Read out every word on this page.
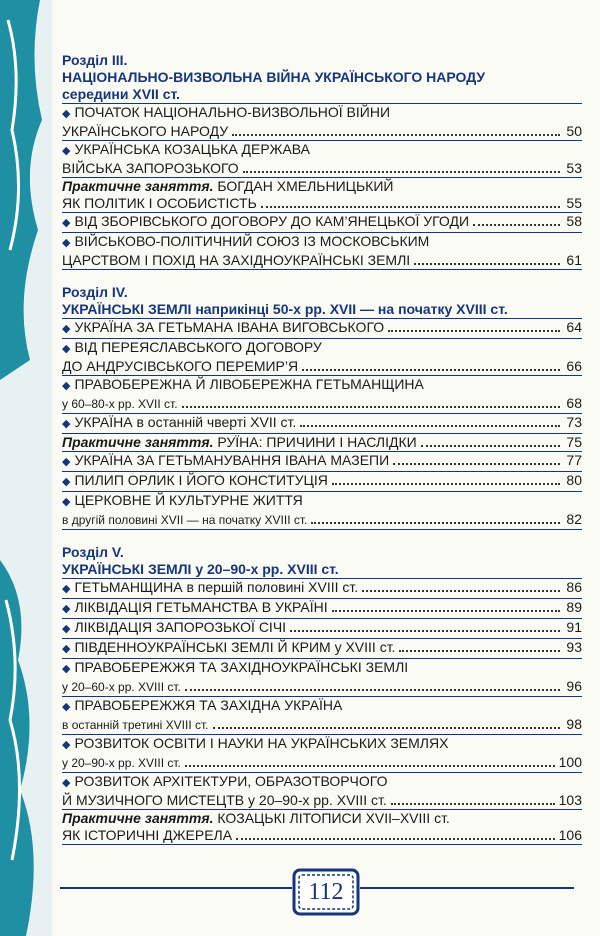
112
Розділ ІІІ.
НАЦІОНАЛЬНО-ВИЗВОЛЬНА ВІЙНА УКРАЇНСЬКОГО НАРОДУ
середини XVII ст.
◆ ПОЧАТОК НАЦІОНАЛЬНО-ВИЗВОЛЬНОЇ ВІЙНИ
УКРАЇНСЬКОГО НАРОДУ	50
◆ УКРАЇНСЬКА КОЗАЦЬКА ДЕРЖАВА
ВІЙСЬКА ЗАПОРОЗЬКОГО	53
Практичне заняття.
БОГДАН ХМЕЛЬНИЦЬКИЙ
ЯК ПОЛІТИК І ОСОБИСТІСТЬ	55
◆ ВІД ЗБОРІВСЬКОГО ДОГОВОРУ ДО КАМ’ЯНЕЦЬКОЇ УГОДИ	58
◆ ВІЙСЬКОВО-ПОЛІТИЧНИЙ СОЮЗ ІЗ МОСКОВСЬКИМ
ЦАРСТВОМ І ПОХІД НА ЗАХІДНОУКРАЇНСЬКІ ЗЕМЛІ	61
Розділ ІV.
УКРАЇНСЬКІ ЗЕМЛІ наприкінці 50-х рр. XVII — на початку XVIII ст.
◆ УКРАЇНА ЗА ГЕТЬМАНА ІВАНА ВИГОВСЬКОГО	64
◆ ВІД ПЕРЕЯСЛАВСЬКОГО ДОГОВОРУ
ДО АНДРУСІВСЬКОГО ПЕРЕМИР’Я	66
◆ ПРАВОБЕРЕЖНА Й ЛІВОБЕРЕЖНА ГЕТЬМАНЩИНА
у 60–80-х рр. XVII ст.	68
◆ УКРАЇНА в останній чверті XVII ст.	73
Практичне заняття.
РУЇНА: ПРИЧИНИ І НАСЛІДКИ	75
◆ УКРАЇНА ЗА ГЕТЬМАНУВАННЯ ІВАНА МАЗЕПИ	77
◆ ПИЛИП ОРЛИК І ЙОГО КОНСТИТУЦІЯ	80
◆ ЦЕРКОВНЕ Й КУЛЬТУРНЕ ЖИТТЯ
в другій половині XVII — на початку XVIII ст.	82
Розділ V.
УКРАЇНСЬКІ ЗЕМЛІ у 20–90-х рр. XVIII ст.
◆ ГЕТЬМАНЩИНА в першій половині XVIII ст.	86
◆ ЛІКВІДАЦІЯ ГЕТЬМАНСТВА В УКРАЇНІ	89
◆ ЛІКВІДАЦІЯ ЗАПОРОЗЬКОЇ СІЧІ	91
◆ ПІВДЕННОУКРАЇНСЬКІ ЗЕМЛІ Й КРИМ у XVIII ст.	93
◆ ПРАВОБЕРЕЖЖЯ ТА ЗАХІДНОУКРАЇНСЬКІ ЗЕМЛІ
у 20–60-х рр. XVIII ст.	96
◆ ПРАВОБЕРЕЖЖЯ ТА ЗАХІДНА УКРАЇНА
в останній третині XVIII ст.	98
◆ РОЗВИТОК ОСВІТИ І НАУКИ НА УКРАЇНСЬКИХ ЗЕМЛЯХ
у 20–90-х рр. XVIII ст.	100
◆ РОЗВИТОК АРХІТЕКТУРИ, ОБРАЗОТВОРЧОГО
Й МУЗИЧНОГО МИСТЕЦТВ у 20–90-х рр. XVIII ст.	103
Практичне заняття.
КОЗАЦЬКІ ЛІТОПИСИ XVII–XVIII ст.
ЯК ІСТОРИЧНІ ДЖЕРЕЛА	106
